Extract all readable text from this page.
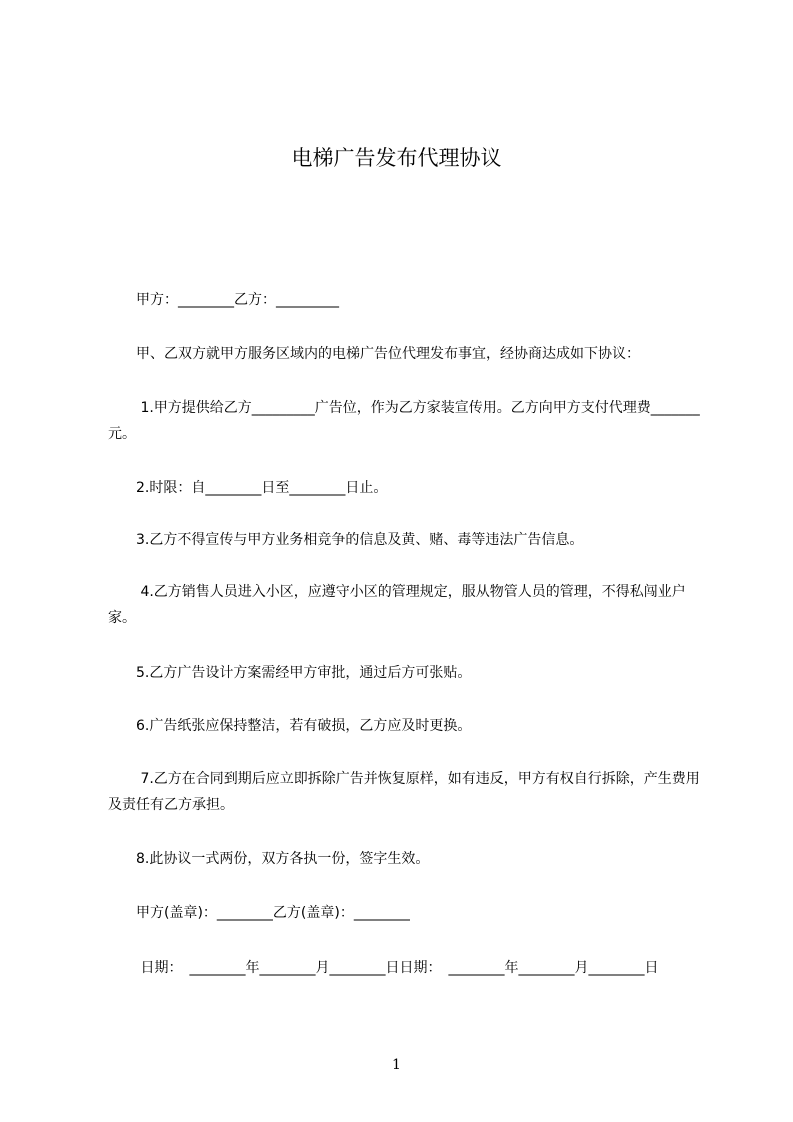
电梯广告发布代理协议
　　甲方：________乙方：_________
　　甲、乙双方就甲方服务区域内的电梯广告位代理发布事宜，经协商达成如下协议：
　　 1.甲方提供给乙方_________广告位，作为乙方家装宣传用。乙方向甲方支付代理费_______元。
　　2.时限：自________日至________日止。
　　3.乙方不得宣传与甲方业务相竞争的信息及黄、赌、毒等违法广告信息。
　　 4.乙方销售人员进入小区，应遵守小区的管理规定，服从物管人员的管理，不得私闯业户家。
　　5.乙方广告设计方案需经甲方审批，通过后方可张贴。
　　6.广告纸张应保持整洁，若有破损，乙方应及时更换。
　　 7.乙方在合同到期后应立即拆除广告并恢复原样，如有违反，甲方有权自行拆除，产生费用及责任有乙方承担。
　　8.此协议一式两份，双方各执一份，签字生效。
　　甲方(盖章)：________乙方(盖章)：________
　　 日期：　________年________月________日日期：　________年________月________日
1
